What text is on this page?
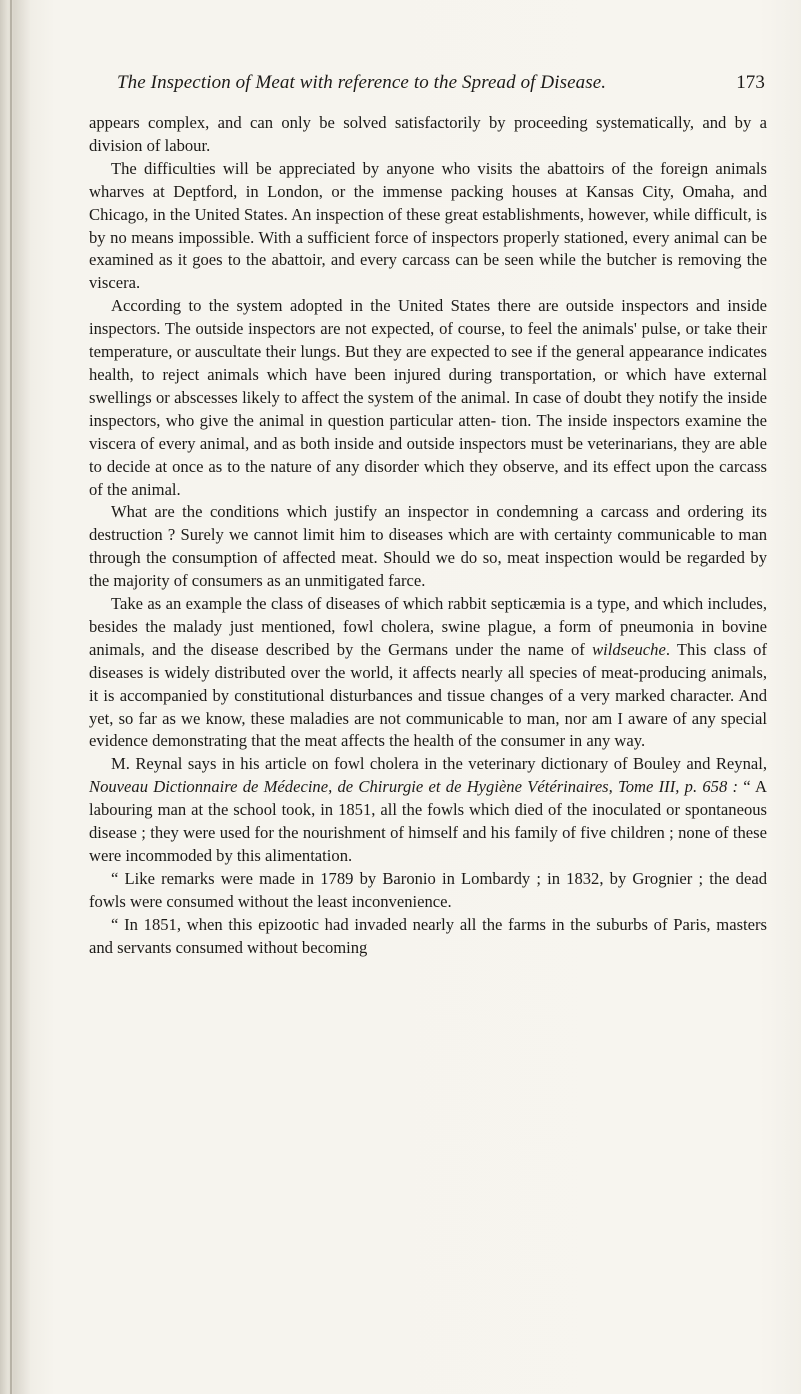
The Inspection of Meat with reference to the Spread of Disease.	173

appears complex, and can only be solved satisfactorily by proceeding systematically, and by a division of labour.

The difficulties will be appreciated by anyone who visits the abattoirs of the foreign animals wharves at Deptford, in London, or the immense packing houses at Kansas City, Omaha, and Chicago, in the United States. An inspection of these great establishments, however, while difficult, is by no means impossible. With a sufficient force of inspectors properly stationed, every animal can be examined as it goes to the abattoir, and every carcass can be seen while the butcher is removing the viscera.

According to the system adopted in the United States there are outside inspectors and inside inspectors. The outside inspectors are not expected, of course, to feel the animals' pulse, or take their temperature, or auscultate their lungs. But they are expected to see if the general appearance indicates health, to reject animals which have been injured during transportation, or which have external swellings or abscesses likely to affect the system of the animal. In case of doubt they notify the inside inspectors, who give the animal in question particular atten- tion. The inside inspectors examine the viscera of every animal, and as both inside and outside inspectors must be veterinarians, they are able to decide at once as to the nature of any disorder which they observe, and its effect upon the carcass of the animal.

What are the conditions which justify an inspector in condemning a carcass and ordering its destruction ? Surely we cannot limit him to diseases which are with certainty communicable to man through the consumption of affected meat. Should we do so, meat inspection would be regarded by the majority of consumers as an unmitigated farce.

Take as an example the class of diseases of which rabbit septicæmia is a type, and which includes, besides the malady just mentioned, fowl cholera, swine plague, a form of pneumonia in bovine animals, and the disease described by the Germans under the name of wildseuche. This class of diseases is widely distributed over the world, it affects nearly all species of meat-producing animals, it is accompanied by constitutional disturbances and tissue changes of a very marked character. And yet, so far as we know, these maladies are not communicable to man, nor am I aware of any special evidence demonstrating that the meat affects the health of the consumer in any way.

M. Reynal says in his article on fowl cholera in the veterinary dictionary of Bouley and Reynal, Nouveau Dictionnaire de Médecine, de Chirurgie et de Hygiène Vétérinaires, Tome III, p. 658 : “ A labouring man at the school took, in 1851, all the fowls which died of the inoculated or spontaneous disease ; they were used for the nourishment of himself and his family of five children ; none of these were incommoded by this alimentation.

“ Like remarks were made in 1789 by Baronio in Lombardy ; in 1832, by Grognier ; the dead fowls were consumed without the least inconvenience.

“ In 1851, when this epizootic had invaded nearly all the farms in the suburbs of Paris, masters and servants consumed without becoming
